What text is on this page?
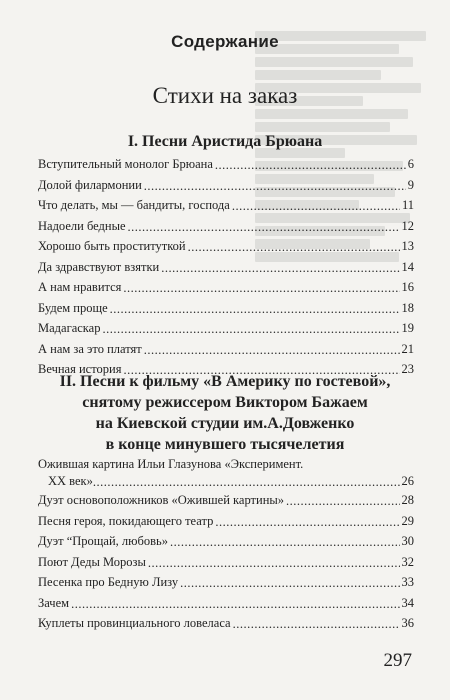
Содержание
Стихи на заказ
I. Песни Аристида Брюана
Вступительный монолог Брюана .....	6
Долой филармонии .....	9
Что делать, мы — бандиты, господа .....	11
Надоели бедные .....	12
Хорошо быть проституткой .....	13
Да здравствуют взятки .....	14
А нам нравится .....	16
Будем проще .....	18
Мадагаскар .....	19
А нам за это платят .....	21
Вечная история .....	23
II. Песни к фильму «В Америку по гостевой»,
снятому режиссером Виктором Бажаем
на Киевской студии им.А.Довженко
в конце минувшего тысячелетия
Ожившая картина Ильи Глазунова «Эксперимент.
XX век» .....	26
Дуэт основоположников «Ожившей картины» .....	28
Песня героя, покидающего театр .....	29
Дуэт “Прощай, любовь» .....	30
Поют Деды Морозы .....	32
Песенка про Бедную Лизу .....	33
Зачем .....	34
Куплеты провинциального ловеласа .....	36
297
